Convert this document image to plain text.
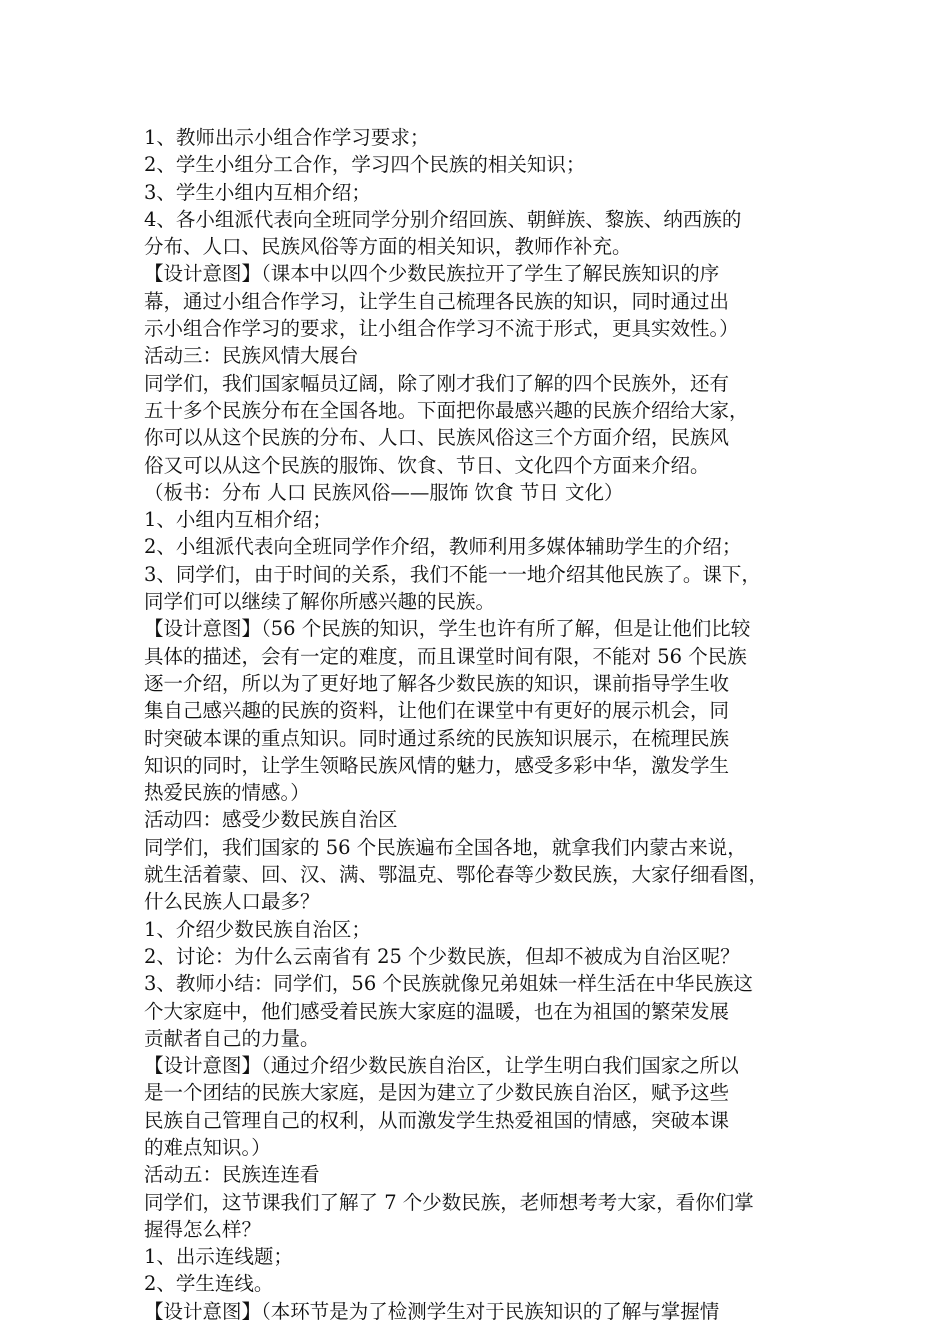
1、教师出示小组合作学习要求；
2、学生小组分工合作，学习四个民族的相关知识；
3、学生小组内互相介绍；
4、各小组派代表向全班同学分别介绍回族、朝鲜族、黎族、纳西族的
分布、人口、民族风俗等方面的相关知识，教师作补充。
【设计意图】（课本中以四个少数民族拉开了学生了解民族知识的序
幕，通过小组合作学习，让学生自己梳理各民族的知识，同时通过出
示小组合作学习的要求，让小组合作学习不流于形式，更具实效性。）
活动三：民族风情大展台
同学们，我们国家幅员辽阔，除了刚才我们了解的四个民族外，还有
五十多个民族分布在全国各地。下面把你最感兴趣的民族介绍给大家，
你可以从这个民族的分布、人口、民族风俗这三个方面介绍，民族风
俗又可以从这个民族的服饰、饮食、节日、文化四个方面来介绍。
（板书：分布 人口 民族风俗——服饰 饮食 节日 文化）
1、小组内互相介绍；
2、小组派代表向全班同学作介绍，教师利用多媒体辅助学生的介绍；
3、同学们，由于时间的关系，我们不能一一地介绍其他民族了。课下，
同学们可以继续了解你所感兴趣的民族。
【设计意图】（56 个民族的知识，学生也许有所了解，但是让他们比较
具体的描述，会有一定的难度，而且课堂时间有限，不能对 56 个民族
逐一介绍，所以为了更好地了解各少数民族的知识，课前指导学生收
集自己感兴趣的民族的资料，让他们在课堂中有更好的展示机会，同
时突破本课的重点知识。同时通过系统的民族知识展示，在梳理民族
知识的同时，让学生领略民族风情的魅力，感受多彩中华，激发学生
热爱民族的情感。）
活动四：感受少数民族自治区
同学们，我们国家的 56 个民族遍布全国各地，就拿我们内蒙古来说，
就生活着蒙、回、汉、满、鄂温克、鄂伦春等少数民族，大家仔细看图，
什么民族人口最多？
1、介绍少数民族自治区；
2、讨论：为什么云南省有 25 个少数民族，但却不被成为自治区呢？
3、教师小结：同学们，56 个民族就像兄弟姐妹一样生活在中华民族这
个大家庭中，他们感受着民族大家庭的温暖，也在为祖国的繁荣发展
贡献者自己的力量。
【设计意图】（通过介绍少数民族自治区，让学生明白我们国家之所以
是一个团结的民族大家庭，是因为建立了少数民族自治区，赋予这些
民族自己管理自己的权利，从而激发学生热爱祖国的情感，突破本课
的难点知识。）
活动五：民族连连看
同学们，这节课我们了解了 7 个少数民族，老师想考考大家，看你们掌
握得怎么样？
1、出示连线题；
2、学生连线。
【设计意图】（本环节是为了检测学生对于民族知识的了解与掌握情
